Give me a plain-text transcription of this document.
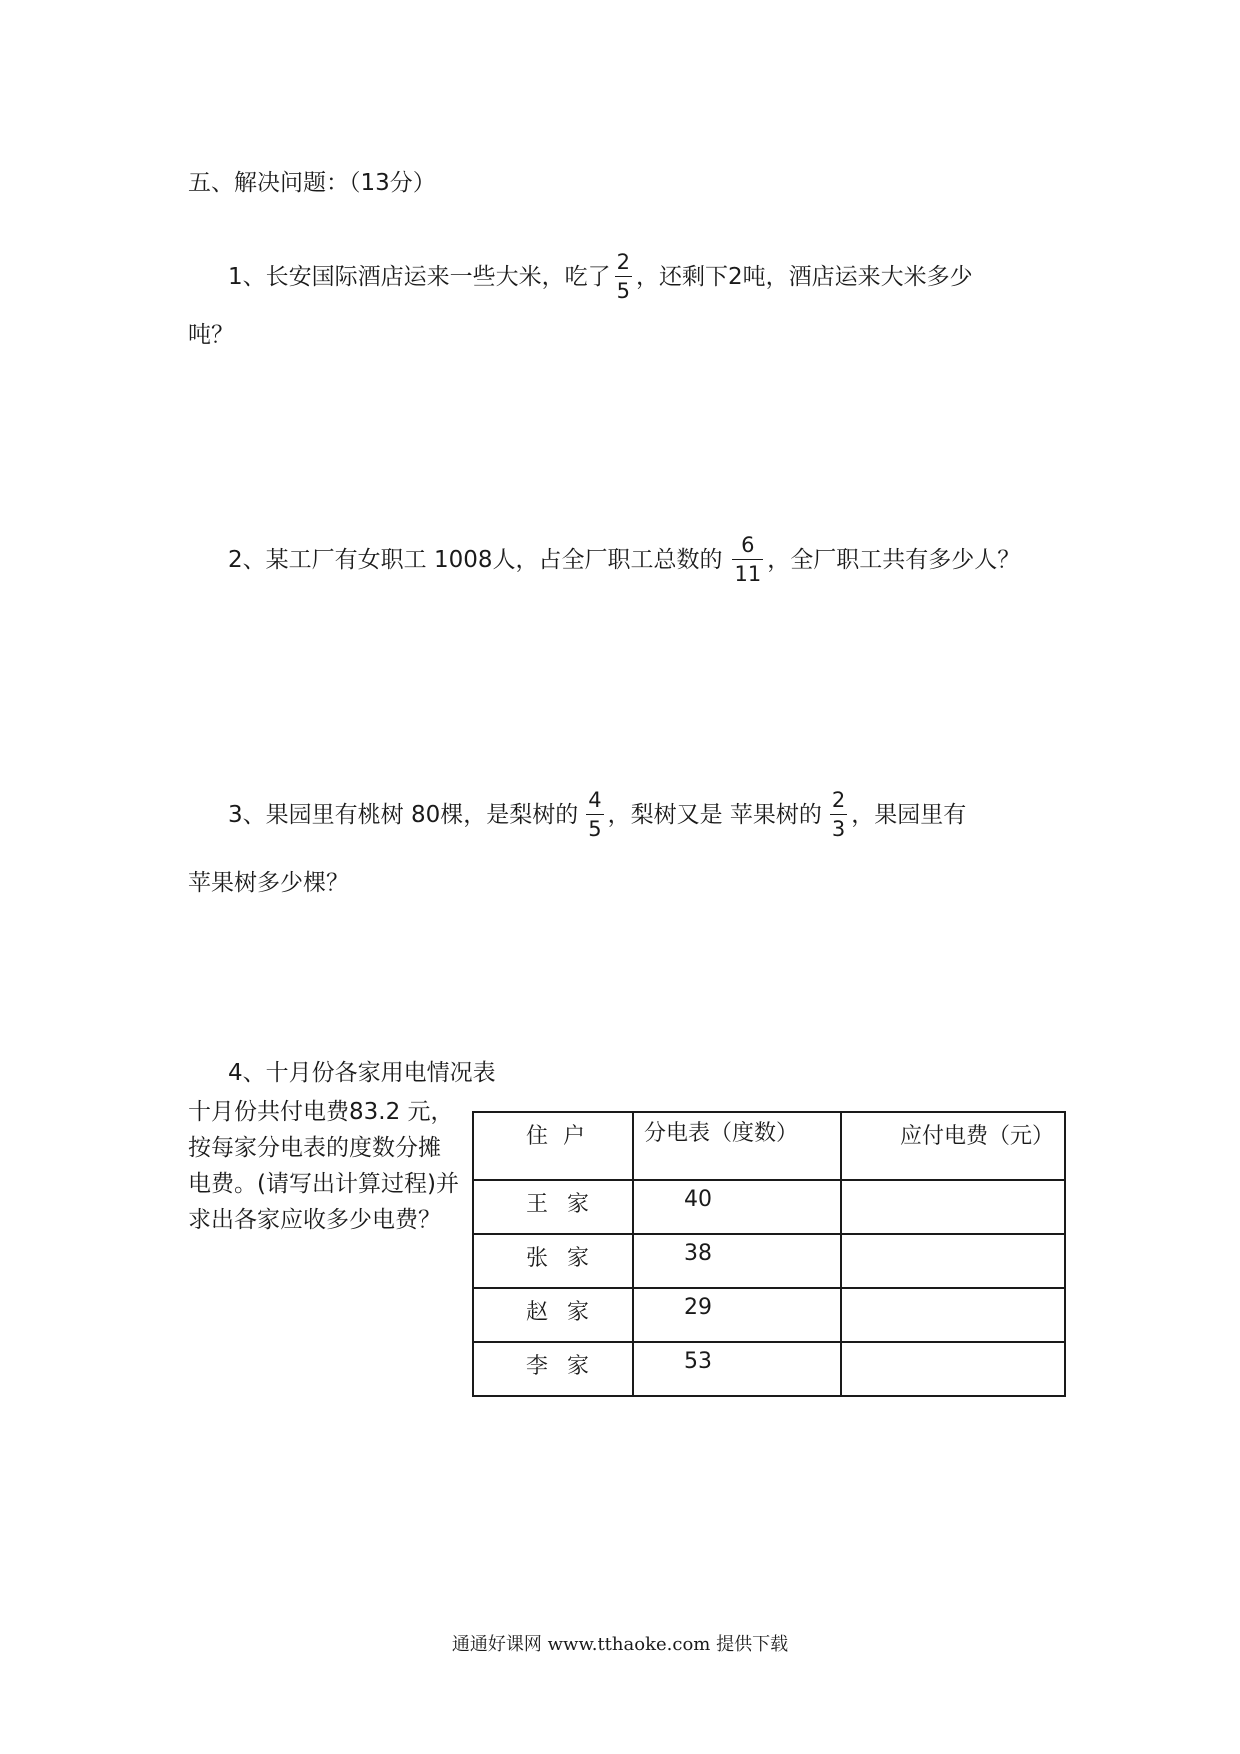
五、解决问题：（13分）
1、长安国际酒店运来一些大米，吃了 $\frac{2}{5}$ ，还剩下2吨，酒店运来大米多少
吨？
2、某工厂有女职工 1008人，占全厂职工总数的 $\frac{6}{11}$ ，全厂职工共有多少人？
3、果园里有桃树 80棵，是梨树的 $\frac{4}{5}$ ，梨树又是 苹果树的 $\frac{2}{3}$ ，果园里有
苹果树多少棵？
4、十月份各家用电情况表
十月份共付电费83.2 元，按每家分电表的度数分摊电费。(请写出计算过程)并求出各家应收多少电费？
住 户	分电表（度数）	应付电费（元）
王 家	40	
张 家	38	
赵 家	29	
李 家	53	
通通好课网 www.tthaoke.com 提供下载
